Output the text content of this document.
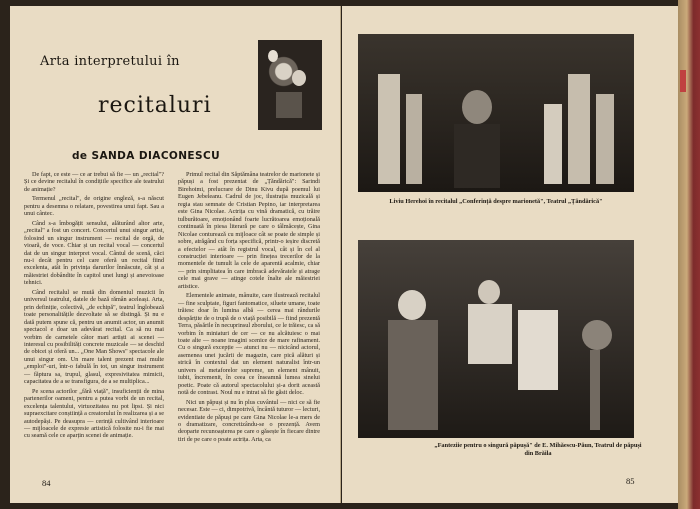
Arta interpretului în
recitaluri
de SANDA DIACONESCU

De fapt, ce este — ce ar trebui să fie — un „recital"? Și ce devine recitalul în condițiile specifice ale teatrului de animație?

Termenul „recital", de origine engleză, s-a născut pentru a desemna o relatare, povestirea unui fapt. Sau a unui cântec.

Când s-a îmbogățit sensului, alăturând altor arte, „recital" a fost un concert. Concertul unui singur artist, folosind un singur instrument — recital de orgă, de vioară, de voce. Chiar și un recital vocal — concertul dat de un singur interpret vocal. Cântul de scenă, căci nu-i decât pentru cel care oferă un recital fiind excelenta, atât în privința darurilor înnăscute, cât și a măiestriei dobândite în capitol unei lungi și anevoioase tehnici.

Când recitalul se mută din domeniul muzicii în universul teatrului, datele de bază rămân aceleași. Arta, prin definiție, colectivă, „de echipă", teatrul înglobează toate personalitățile dezvoltate să se distingă. Și nu e dată putem spune că, pentru un anumit actor, un anumit spectacol e doar un adevărat recital. Ca să nu mai vorbim de carnetele câtor mari artiști ai scenei — interesul cu posibilități concrete muzicale — se deschid de obicei și oferă un... „One Man Shows" spectacole ale unui singur om. Un mare talent prezent mai multe „emploi"-uri, într-o fabulă în tot, un singur instrument — făptura sa, trupul, glasul, expresivitatea mimicii, capacitatea de a se transfigura, de a se multiplica...

Pe scena actorilor „fără viață", insuficienții de mina partenerilor oameni, pentru a putea vorbi de un recital, excelența talentului, virtuozitatea nu pot lipsi. Și nici supraexcitare conștiință a creatorului în realizarea și a se autodepăși. Pe deasupra — cerință cultivând interioare — mijloacele de expresie artistică folosite nu-i fie mai cu seamă cele ce aparțin scenei de animație.

Primul recital din Săptămâna teatrelor de marionete și păpuși a fost prezentat de „Țăndărică": Sarindi Birehoimi, prelucrare de Dinu Kivu după poemul lui Eugen Jebeleanu. Cadrul de joc, ilustrația muzicală și regia stau semnate de Cristian Pepino, iar interpretarea este Gina Nicolae. Actrița cu vină dramatică, cu trăire tulburătoare, emoționând foarte lucrătoarea emoțională continuată în piesa literară pe care o tâlmăcește, Gina Nicolae conturează cu mijloace cât se poate de simple și sobre, atrăgând cu forța specifică, printr-o ieșire discretă a efectelor — atât în registrul vocal, cât și în cel al construcției interioare — prin finețea trecerilor de la momentele de tumult la cele de aparentă acalmie, chiar — prin simplitatea în care imbracă adevăratele și atrage cele mai grave — atinge cotele înalte ale măiestriei artistice.

Elementele animate, mânuite, care ilustrează recitalul — fine sculptate, figuri fantomatice, siluete umane, toate trăiesc doar în lumina albă — cerea mai rândurile despărțite de o trupă de o viață posibilă — fiind prezentă Terra, păsările în necuprinsul zborului, ce le trăiesc, ca să vorbim în miniaturi de cer — ce nu alcătuiesc o mai toate alte — noane imagini scenice de mare rafinament. Cu o singură excepție — atunci nu — nicicând actorul, asemenea unei jucării de magazin, care pică alături și strică în contextul dat un element naturalist într-un univers al metaforelor supreme, un element mânuit, iubit, încremenit, în ceea ce înseamnă lumea sinelui poetic. Poate că autorul spectacolului și-a dorit această notă de contrast. Noul nu e intrat să fie găsit deloc.

Nici un păpuși și nu în plus cuvântul — nici ce să fie necesar. Este — ci, dimpotrivă, încântă tuturor — lecturi, evidentiate de păpuși pe care Gina Nicolae le-a mers de o dramatizare, concretizându-se o prezență. Avem deoparte recunoașterea pe care o găsește în fiecare dintre tiri de pe care o poate actrița. Arta, ca

84
Liviu Herehoi în recitalul „Conferință despre marionetă", Teatrul „Țăndărică"
„Fanteziie pentru o singură păpușă" de E. Mihăescu-Păun, Teatrul de păpuși din Brăila
85
